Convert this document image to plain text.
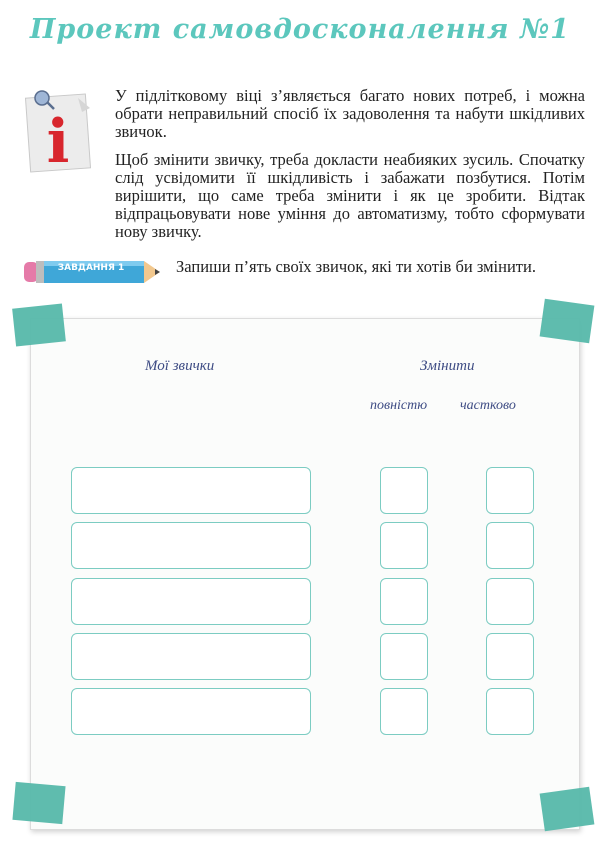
Проект самовдосконалення №1
i

У підлітковому віці з’являється багато нових потреб, і можна обрати неправильний спосіб їх задоволення та набути шкідливих звичок.

Щоб змінити звичку, треба докласти неабияких зусиль. Спочатку слід усвідомити її шкідливість і забажати позбутися. Потім вирішити, що саме треба змінити і як це зробити. Відтак відпрацьовувати нове уміння до автоматизму, тобто сформувати нову звичку.

ЗАВДАННЯ 1	Запиши п’ять своїх звичок, які ти хотів би змінити.

Мої звички	Змінити
повністю частково
